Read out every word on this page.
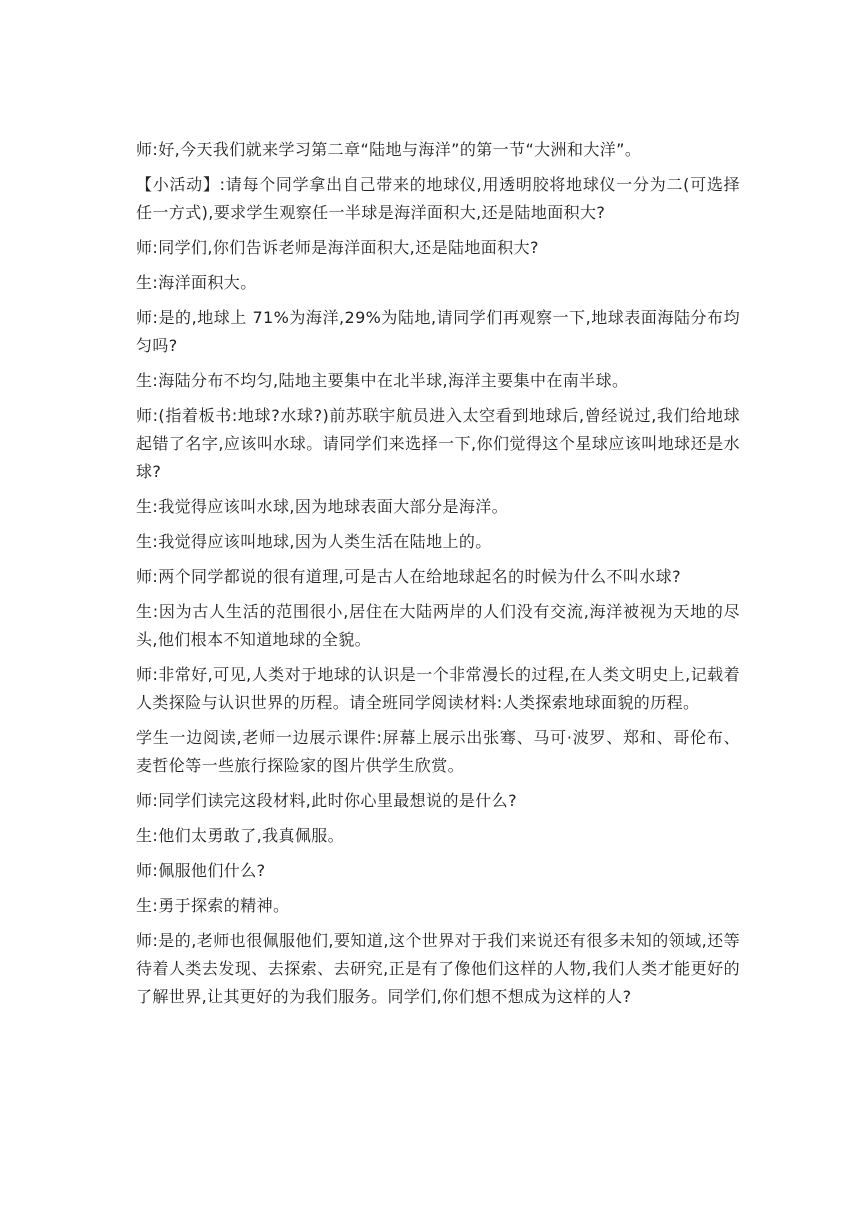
师:好,今天我们就来学习第二章“陆地与海洋”的第一节“大洲和大洋”。

【小活动】:请每个同学拿出自己带来的地球仪,用透明胶将地球仪一分为二(可选择任一方式),要求学生观察任一半球是海洋面积大,还是陆地面积大?

师:同学们,你们告诉老师是海洋面积大,还是陆地面积大?

生:海洋面积大。

师:是的,地球上 71%为海洋,29%为陆地,请同学们再观察一下,地球表面海陆分布均匀吗?

生:海陆分布不均匀,陆地主要集中在北半球,海洋主要集中在南半球。

师:(指着板书:地球?水球?)前苏联宇航员进入太空看到地球后,曾经说过,我们给地球起错了名字,应该叫水球。请同学们来选择一下,你们觉得这个星球应该叫地球还是水球?

生:我觉得应该叫水球,因为地球表面大部分是海洋。

生:我觉得应该叫地球,因为人类生活在陆地上的。

师:两个同学都说的很有道理,可是古人在给地球起名的时候为什么不叫水球?

生:因为古人生活的范围很小,居住在大陆两岸的人们没有交流,海洋被视为天地的尽头,他们根本不知道地球的全貌。

师:非常好,可见,人类对于地球的认识是一个非常漫长的过程,在人类文明史上,记载着人类探险与认识世界的历程。请全班同学阅读材料:人类探索地球面貌的历程。

学生一边阅读,老师一边展示课件:屏幕上展示出张骞、马可·波罗、郑和、哥伦布、麦哲伦等一些旅行探险家的图片供学生欣赏。

师:同学们读完这段材料,此时你心里最想说的是什么?

生:他们太勇敢了,我真佩服。

师:佩服他们什么?

生:勇于探索的精神。

师:是的,老师也很佩服他们,要知道,这个世界对于我们来说还有很多未知的领域,还等待着人类去发现、去探索、去研究,正是有了像他们这样的人物,我们人类才能更好的了解世界,让其更好的为我们服务。同学们,你们想不想成为这样的人?
